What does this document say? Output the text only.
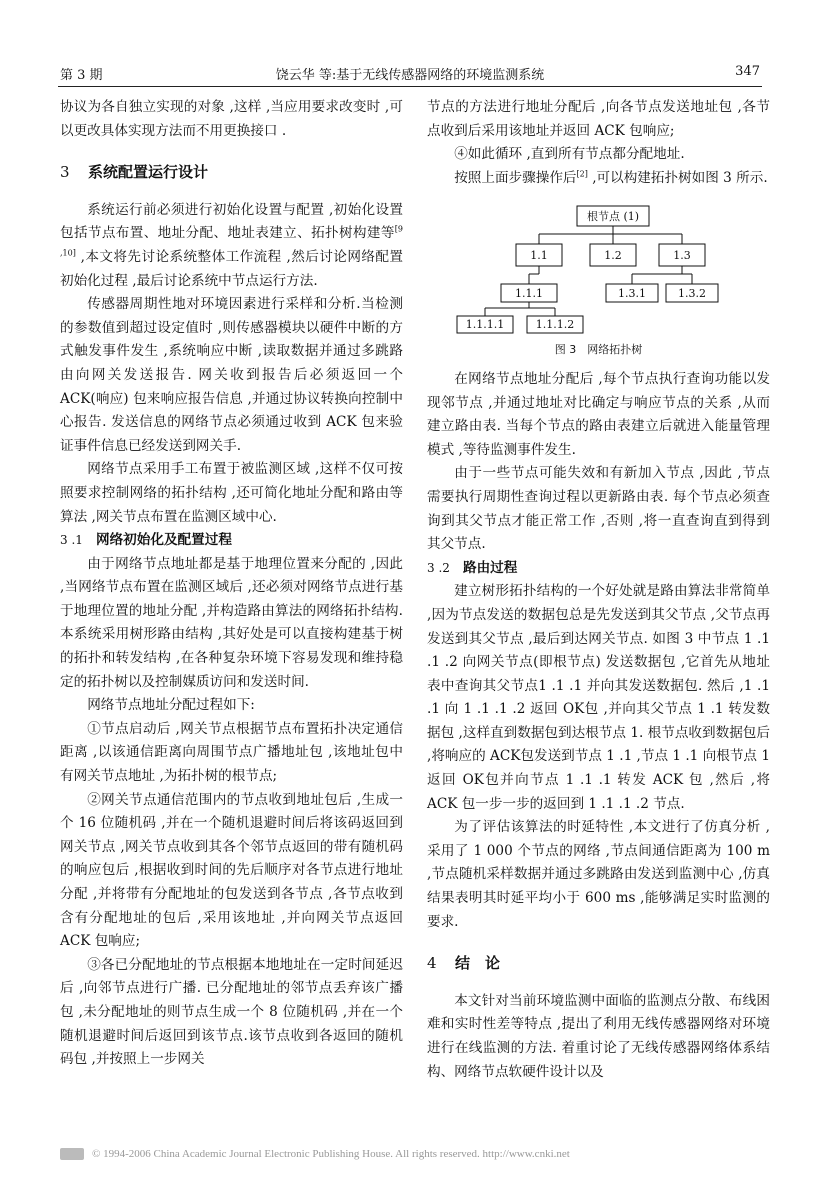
第 3 期	饶云华 等:基于无线传感器网络的环境监测系统	347

协议为各自独立实现的对象 ,这样 ,当应用要求改变时 ,可以更改具体实现方法而不用更换接口 .

3 系统配置运行设计

系统运行前必须进行初始化设置与配置 ,初始化设置包括节点布置、地址分配、地址表建立、拓扑树构建等[9 ,10] ,本文将先讨论系统整体工作流程 ,然后讨论网络配置初始化过程 ,最后讨论系统中节点运行方法.

传感器周期性地对环境因素进行采样和分析.当检测的参数值到超过设定值时 ,则传感器模块以硬件中断的方式触发事件发生 ,系统响应中断 ,读取数据并通过多跳路由向网关发送报告. 网关收到报告后必须返回一个 ACK(响应) 包来响应报告信息 ,并通过协议转换向控制中心报告. 发送信息的网络节点必须通过收到 ACK 包来验证事件信息已经发送到网关手.

网络节点采用手工布置于被监测区域 ,这样不仅可按照要求控制网络的拓扑结构 ,还可简化地址分配和路由等算法 ,网关节点布置在监测区域中心.

3 .1 网络初始化及配置过程

由于网络节点地址都是基于地理位置来分配的 ,因此 ,当网络节点布置在监测区域后 ,还必须对网络节点进行基于地理位置的地址分配 ,并构造路由算法的网络拓扑结构. 本系统采用树形路由结构 ,其好处是可以直接构建基于树的拓扑和转发结构 ,在各种复杂环境下容易发现和维持稳定的拓扑树以及控制媒质访问和发送时间.

网络节点地址分配过程如下:

①节点启动后 ,网关节点根据节点布置拓扑决定通信距离 ,以该通信距离向周围节点广播地址包 ,该地址包中有网关节点地址 ,为拓扑树的根节点;

②网关节点通信范围内的节点收到地址包后 ,生成一个 16 位随机码 ,并在一个随机退避时间后将该码返回到网关节点 ,网关节点收到其各个邻节点返回的带有随机码的响应包后 ,根据收到时间的先后顺序对各节点进行地址分配 ,并将带有分配地址的包发送到各节点 ,各节点收到含有分配地址的包后 ,采用该地址 ,并向网关节点返回 ACK 包响应;

③各已分配地址的节点根据本地地址在一定时间延迟后 ,向邻节点进行广播. 已分配地址的邻节点丢弃该广播包 ,未分配地址的则节点生成一个 8 位随机码 ,并在一个随机退避时间后返回到该节点.该节点收到各返回的随机码包 ,并按照上一步网关

节点的方法进行地址分配后 ,向各节点发送地址包 ,各节点收到后采用该地址并返回 ACK 包响应;

④如此循环 ,直到所有节点都分配地址.

按照上面步骤操作后[2] ,可以构建拓扑树如图 3 所示.

根节点 (1)
1.1	1.2	1.3
1.1.1	1.3.1	1.3.2
1.1.1.1	1.1.1.2
图 3　网络拓扑树

在网络节点地址分配后 ,每个节点执行查询功能以发现邻节点 ,并通过地址对比确定与响应节点的关系 ,从而建立路由表. 当每个节点的路由表建立后就进入能量管理模式 ,等待监测事件发生.

由于一些节点可能失效和有新加入节点 ,因此 ,节点需要执行周期性查询过程以更新路由表. 每个节点必须查询到其父节点才能正常工作 ,否则 ,将一直查询直到得到其父节点.

3 .2 路由过程

建立树形拓扑结构的一个好处就是路由算法非常简单 ,因为节点发送的数据包总是先发送到其父节点 ,父节点再发送到其父节点 ,最后到达网关节点. 如图 3 中节点 1 .1 .1 .2 向网关节点(即根节点) 发送数据包 ,它首先从地址表中查询其父节点1 .1 .1 并向其发送数据包. 然后 ,1 .1 .1 向 1 .1 .1 .2 返回 OK包 ,并向其父节点 1 .1 转发数据包 ,这样直到数据包到达根节点 1. 根节点收到数据包后 ,将响应的 ACK包发送到节点 1 .1 ,节点 1 .1 向根节点 1 返回 OK包并向节点 1 .1 .1 转发 ACK 包 ,然后 ,将 ACK 包一步一步的返回到 1 .1 .1 .2 节点.

为了评估该算法的时延特性 ,本文进行了仿真分析 ,采用了 1 000 个节点的网络 ,节点间通信距离为 100 m ,节点随机采样数据并通过多跳路由发送到监测中心 ,仿真结果表明其时延平均小于 600 ms ,能够满足实时监测的要求.

4 结　论

本文针对当前环境监测中面临的监测点分散、布线困难和实时性差等特点 ,提出了利用无线传感器网络对环境进行在线监测的方法. 着重讨论了无线传感器网络体系结构、网络节点软硬件设计以及

© 1994-2006 China Academic Journal Electronic Publishing House. All rights reserved. http://www.cnki.net
